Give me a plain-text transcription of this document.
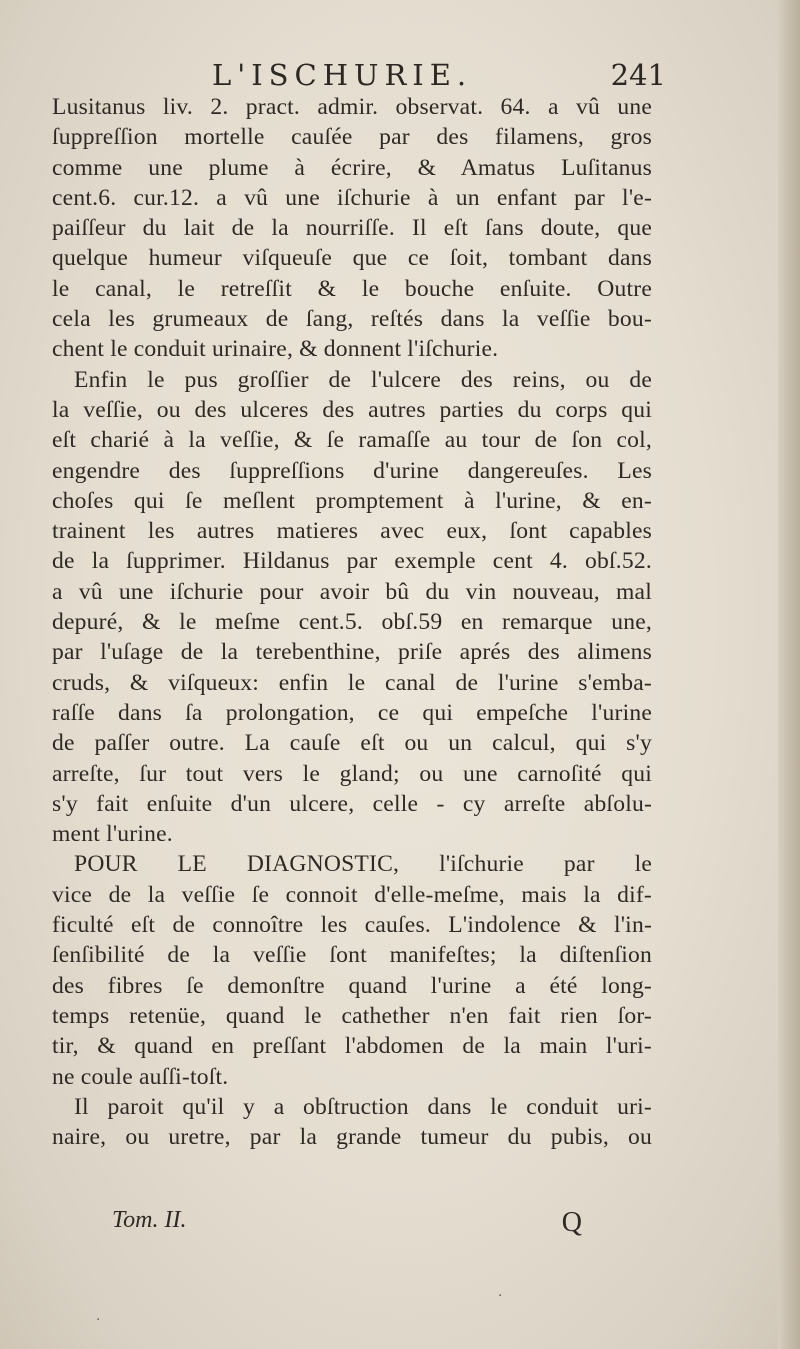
L'ISCHURIE.	241
Lusitanus liv. 2. pract. admir. observat. 64. a vû une
ſuppreſſion mortelle cauſée par des filamens, gros
comme une plume à écrire, & Amatus Luſitanus
cent.6. cur.12. a vû une iſchurie à un enfant par l'e-
paiſſeur du lait de la nourriſſe. Il eſt ſans doute, que
quelque humeur viſqueuſe que ce ſoit, tombant dans
le canal, le retreſſit & le bouche enſuite. Outre
cela les grumeaux de ſang, reſtés dans la veſſie bou-
chent le conduit urinaire, & donnent l'iſchurie.
Enfin le pus groſſier de l'ulcere des reins, ou de
la veſſie, ou des ulceres des autres parties du corps qui
eſt charié à la veſſie, & ſe ramaſſe au tour de ſon col,
engendre des ſuppreſſions d'urine dangereuſes. Les
choſes qui ſe meſlent promptement à l'urine, & en-
trainent les autres matieres avec eux, ſont capables
de la ſupprimer. Hildanus par exemple cent 4. obſ.52.
a vû une iſchurie pour avoir bû du vin nouveau, mal
depuré, & le meſme cent.5. obſ.59 en remarque une,
par l'uſage de la terebenthine, priſe aprés des alimens
cruds, & viſqueux: enfin le canal de l'urine s'emba-
raſſe dans ſa prolongation, ce qui empeſche l'urine
de paſſer outre. La cauſe eſt ou un calcul, qui s'y
arreſte, ſur tout vers le gland; ou une carnoſité qui
s'y fait enſuite d'un ulcere, celle - cy arreſte abſolu-
ment l'urine.
POUR LE DIAGNOSTIC, l'iſchurie par le
vice de la veſſie ſe connoit d'elle-meſme, mais la dif-
ficulté eſt de connoître les cauſes. L'indolence & l'in-
ſenſibilité de la veſſie ſont manifeſtes; la diſtenſion
des fibres ſe demonſtre quand l'urine a été long-
temps retenüe, quand le cathether n'en fait rien ſor-
tir, & quand en preſſant l'abdomen de la main l'uri-
ne coule auſſi-toſt.
Il paroit qu'il y a obſtruction dans le conduit uri-
naire, ou uretre, par la grande tumeur du pubis, ou
Tom. II.	Q
·
·
